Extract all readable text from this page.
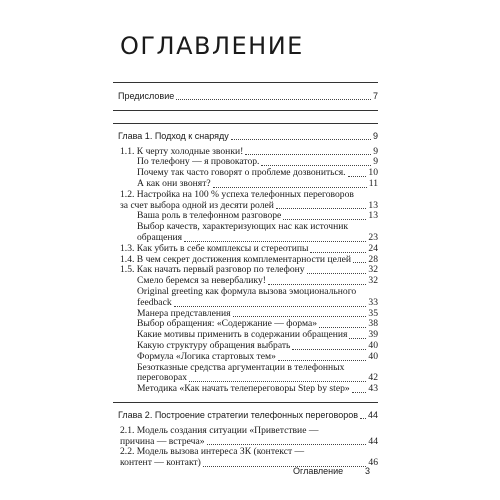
ОГЛАВЛЕНИЕ
Предисловие	7
Глава 1. Подход к снаряду	9
1.1. К черту холодные звонки!	9
По телефону — я провокатор.	9
Почему так часто говорят о проблеме дозвониться. 10
А как они звонят?	11
1.2. Настройка на 100 % успеха телефонных переговоров
за счет выбора одной из десяти ролей	13
Ваша роль в телефонном разговоре	13
Выбор качеств, характеризующих нас как источник
обращения	23
1.3. Как убить в себе комплексы и стереотипы	24
1.4. В чем секрет достижения комплементарности целей 28
1.5. Как начать первый разговор по телефону	32
Смело беремся за невербалику!	32
Original greeting как формула вызова эмоционального
feedback	33
Манера представления	35
Выбор обращения: «Содержание — форма»	38
Какие мотивы применить в содержании обращения 39
Какую структуру обращения выбрать	40
Формула «Логика стартовых тем»	40
Безотказные средства аргументации в телефонных
переговорах	42
Методика «Как начать телепереговоры Step by step» 43
Глава 2. Построение стратегии телефонных переговоров 44
2.1. Модель создания ситуации «Приветствие —
причина — встреча»	44
2.2. Модель вызова интереса ЗК (контекст —
контент — контакт)	46
Оглавление 3
